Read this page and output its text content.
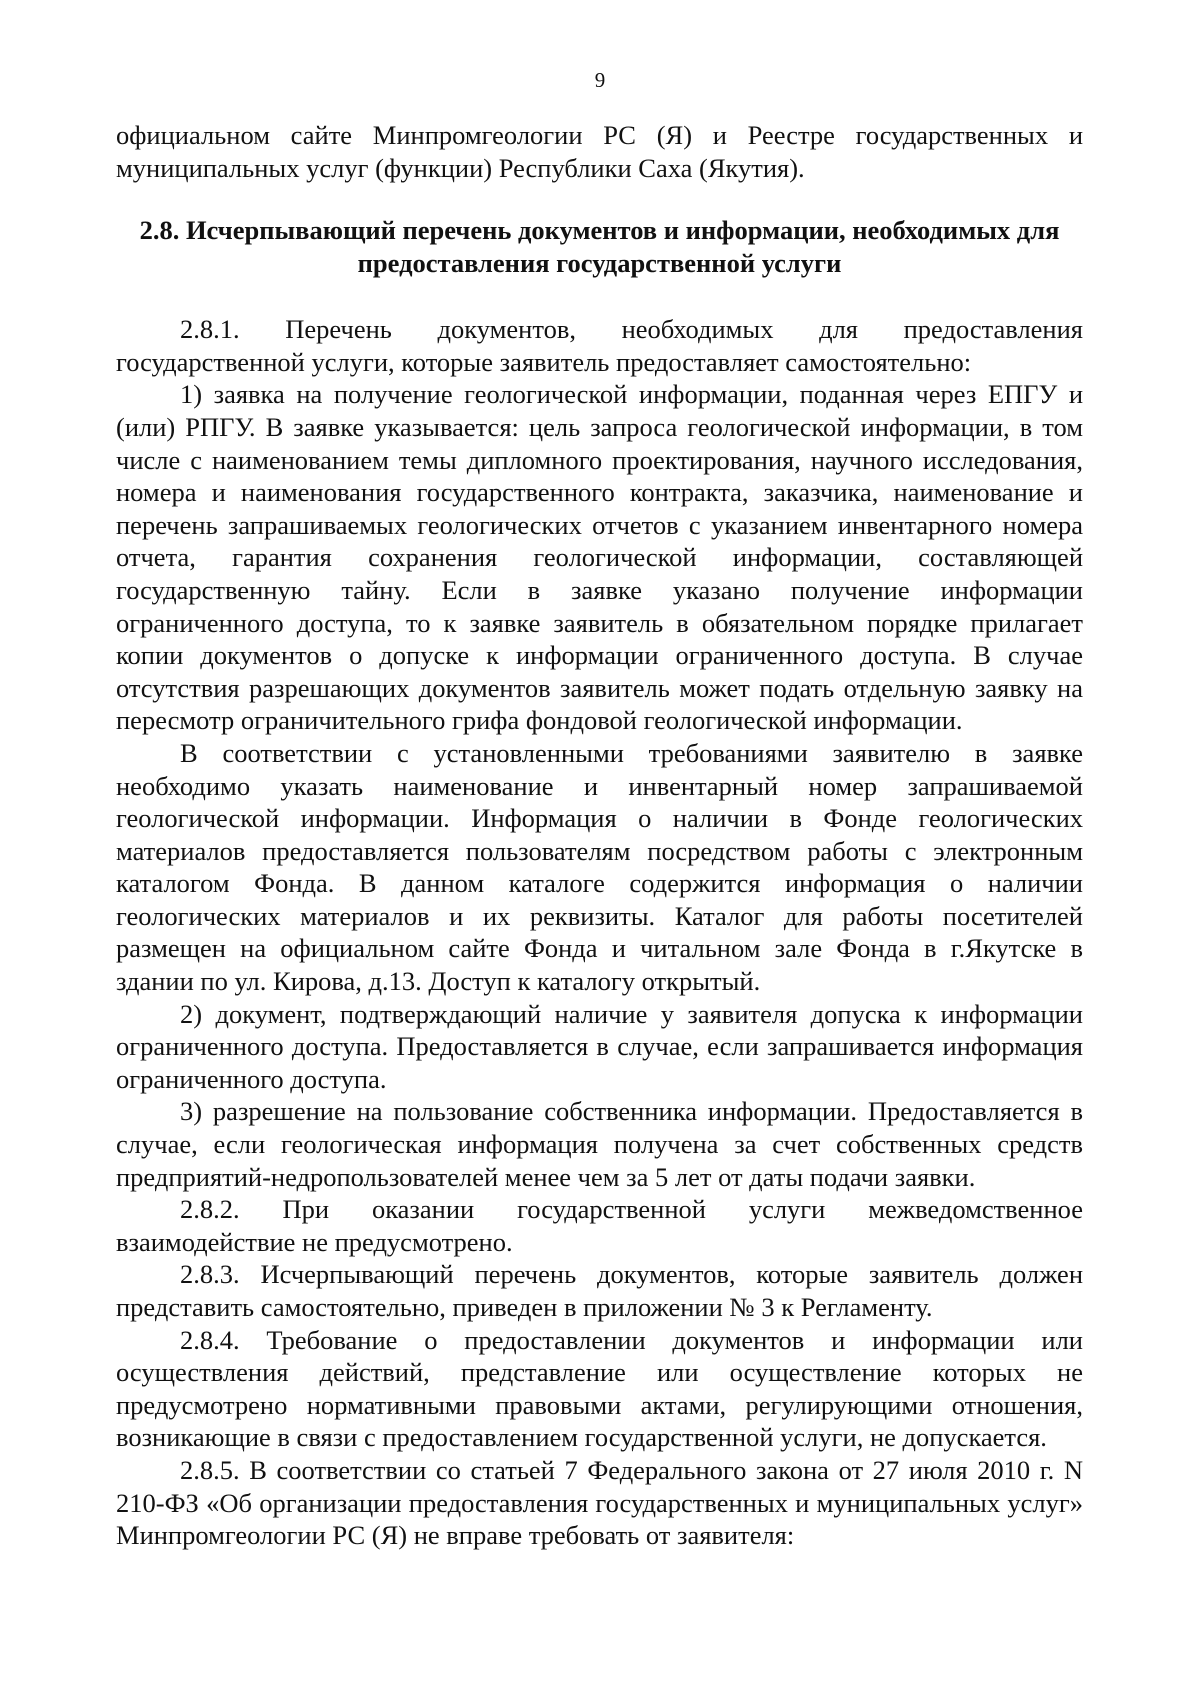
9

официальном сайте Минпромгеологии РС (Я) и Реестре государственных и муниципальных услуг (функции) Республики Саха (Якутия).

2.8. Исчерпывающий перечень документов и информации, необходимых для предоставления государственной услуги

2.8.1. Перечень документов, необходимых для предоставления государственной услуги, которые заявитель предоставляет самостоятельно:

1) заявка на получение геологической информации, поданная через ЕПГУ и (или) РПГУ. В заявке указывается: цель запроса геологической информации, в том числе с наименованием темы дипломного проектирования, научного исследования, номера и наименования государственного контракта, заказчика, наименование и перечень запрашиваемых геологических отчетов с указанием инвентарного номера отчета, гарантия сохранения геологической информации, составляющей государственную тайну. Если в заявке указано получение информации ограниченного доступа, то к заявке заявитель в обязательном порядке прилагает копии документов о допуске к информации ограниченного доступа. В случае отсутствия разрешающих документов заявитель может подать отдельную заявку на пересмотр ограничительного грифа фондовой геологической информации.

В соответствии с установленными требованиями заявителю в заявке необходимо указать наименование и инвентарный номер запрашиваемой геологической информации. Информация о наличии в Фонде геологических материалов предоставляется пользователям посредством работы с электронным каталогом Фонда. В данном каталоге содержится информация о наличии геологических материалов и их реквизиты. Каталог для работы посетителей размещен на официальном сайте Фонда и читальном зале Фонда в г.Якутске в здании по ул. Кирова, д.13. Доступ к каталогу открытый.

2) документ, подтверждающий наличие у заявителя допуска к информации ограниченного доступа. Предоставляется в случае, если запрашивается информация ограниченного доступа.

3) разрешение на пользование собственника информации. Предоставляется в случае, если геологическая информация получена за счет собственных средств предприятий-недропользователей менее чем за 5 лет от даты подачи заявки.

2.8.2. При оказании государственной услуги межведомственное взаимодействие не предусмотрено.

2.8.3. Исчерпывающий перечень документов, которые заявитель должен представить самостоятельно, приведен в приложении № 3 к Регламенту.

2.8.4. Требование о предоставлении документов и информации или осуществления действий, представление или осуществление которых не предусмотрено нормативными правовыми актами, регулирующими отношения, возникающие в связи с предоставлением государственной услуги, не допускается.

2.8.5. В соответствии со статьей 7 Федерального закона от 27 июля 2010 г. N 210-ФЗ «Об организации предоставления государственных и муниципальных услуг» Минпромгеологии РС (Я) не вправе требовать от заявителя:
